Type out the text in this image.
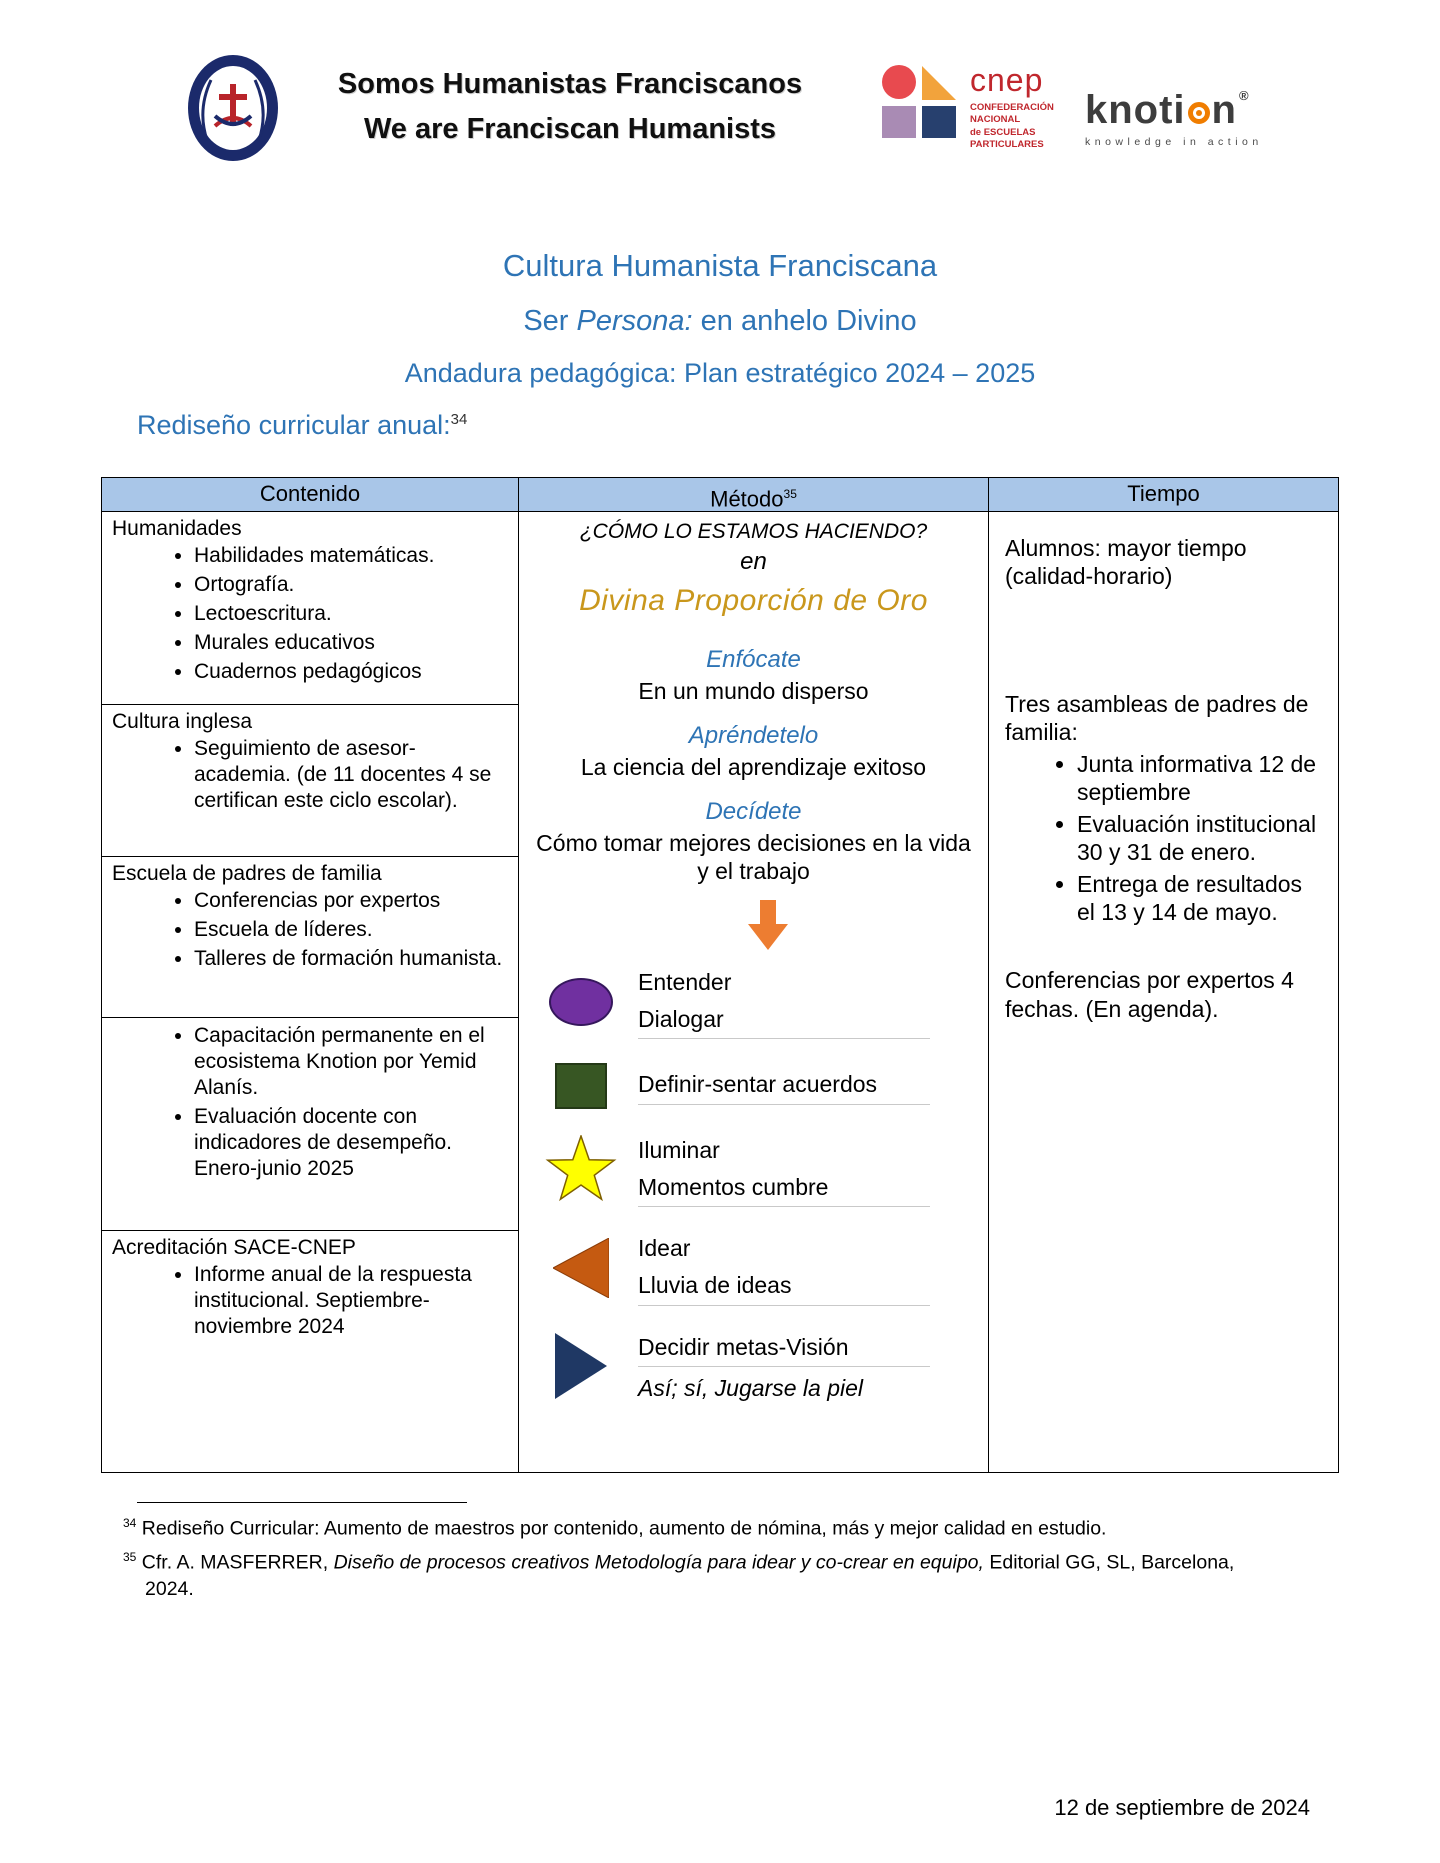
Somos Humanistas Franciscanos
We are Franciscan Humanists
cnep
CONFEDERACIÓN
NACIONAL
de ESCUELAS
PARTICULARES
knoti n ®
knowledge in action
Cultura Humanista Franciscana
Ser Persona: en anhelo Divino
Andadura pedagógica: Plan estratégico 2024 – 2025
Rediseño curricular anual:$^{34}$
Contenido	Método$^{35}$	Tiempo
Humanidades
• Habilidades matemáticas.
• Ortografía.
• Lectoescritura.
• Murales educativos
• Cuadernos pedagógicos
Cultura inglesa
• Seguimiento de asesor-academia. (de 11 docentes 4 se certifican este ciclo escolar).
Escuela de padres de familia
• Conferencias por expertos
• Escuela de líderes.
• Talleres de formación humanista.
• Capacitación permanente en el ecosistema Knotion por Yemid Alanís.
• Evaluación docente con indicadores de desempeño. Enero-junio 2025
Acreditación SACE-CNEP
• Informe anual de la respuesta institucional. Septiembre-noviembre 2024
¿CÓMO LO ESTAMOS HACIENDO?
en
Divina Proporción de Oro
Enfócate
En un mundo disperso
Apréndetelo
La ciencia del aprendizaje exitoso
Decídete
Cómo tomar mejores decisiones en la vida y el trabajo
Entender
Dialogar
Definir-sentar acuerdos
Iluminar
Momentos cumbre
Idear
Lluvia de ideas
Decidir metas-Visión
Así; sí, Jugarse la piel

Alumnos: mayor tiempo (calidad-horario)

Tres asambleas de padres de familia:

• Junta informativa 12 de septiembre
• Evaluación institucional 30 y 31 de enero.
• Entrega de resultados el 13 y 14 de mayo.

Conferencias por expertos 4 fechas. (En agenda).

$^{34}$ Rediseño Curricular: Aumento de maestros por contenido, aumento de nómina, más y mejor calidad en estudio.
$^{35}$ Cfr. A. MASFERRER, Diseño de procesos creativos Metodología para idear y co-crear en equipo, Editorial GG, SL, Barcelona,
2024.
12 de septiembre de 2024
